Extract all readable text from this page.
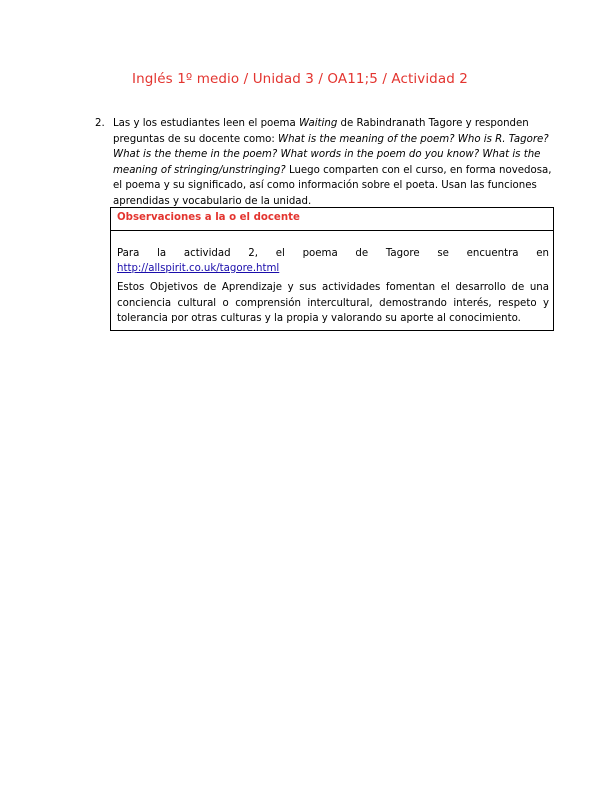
Inglés 1º medio / Unidad 3 / OA11;5 / Actividad 2
2. Las y los estudiantes leen el poema Waiting de Rabindranath Tagore y responden preguntas de su docente como: What is the meaning of the poem? Who is R. Tagore? What is the theme in the poem? What words in the poem do you know? What is the meaning of stringing/unstringing? Luego comparten con el curso, en forma novedosa, el poema y su significado, así como información sobre el poeta. Usan las funciones aprendidas y vocabulario de la unidad.
Observaciones a la o el docente
Para la actividad 2, el poema de Tagore se encuentra en
http://allspirit.co.uk/tagore.html
Estos Objetivos de Aprendizaje y sus actividades fomentan el desarrollo de una conciencia cultural o comprensión intercultural, demostrando interés, respeto y tolerancia por otras culturas y la propia y valorando su aporte al conocimiento.
